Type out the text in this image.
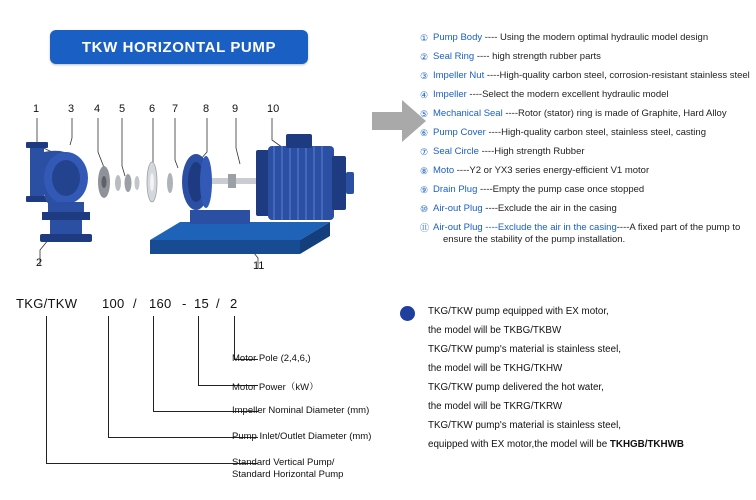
TKW HORIZONTAL PUMP
1
2
3 4 5 6 7 8 9	10
11
① Pump Body ---- Using the modern optimal hydraulic model design
② Seal Ring ---- high strength rubber parts
③ Impeller Nut ----High-quality carbon steel, corrosion-resistant stainless steel
④ Impeller ----Select the modern excellent hydraulic model
⑤ Mechanical Seal ----Rotor (stator) ring is made of Graphite, Hard Alloy
⑥ Pump Cover ----High-quality carbon steel, stainless steel, casting
⑦ Seal Circle ----High strength Rubber
⑧ Moto ----Y2 or YX3 series energy-efficient V1 motor
⑨ Drain Plug ----Empty the pump case once stopped
⑩ Air-out Plug ----Exclude the air in the casing
⑪ Air-out Plug ----Exclude the air in the casing----A fixed part of the pump to
ensure the stability of the pump installation.
TKG/TKW 100 / 160 - 15 / 2
Motor Pole (2,4,6,)
Motor Power（kW）
Impeller Nominal Diameter (mm)
Pump Inlet/Outlet Diameter (mm)
Standard Vertical Pump/
Standard Horizontal Pump
TKG/TKW pump equipped with EX motor,
the model will be TKBG/TKBW
TKG/TKW pump's material is stainless steel,
the model will be TKHG/TKHW
TKG/TKW pump delivered the hot water,
the model will be TKRG/TKRW
TKG/TKW pump's material is stainless steel,
equipped with EX motor,the model will be TKHGB/TKHWB
